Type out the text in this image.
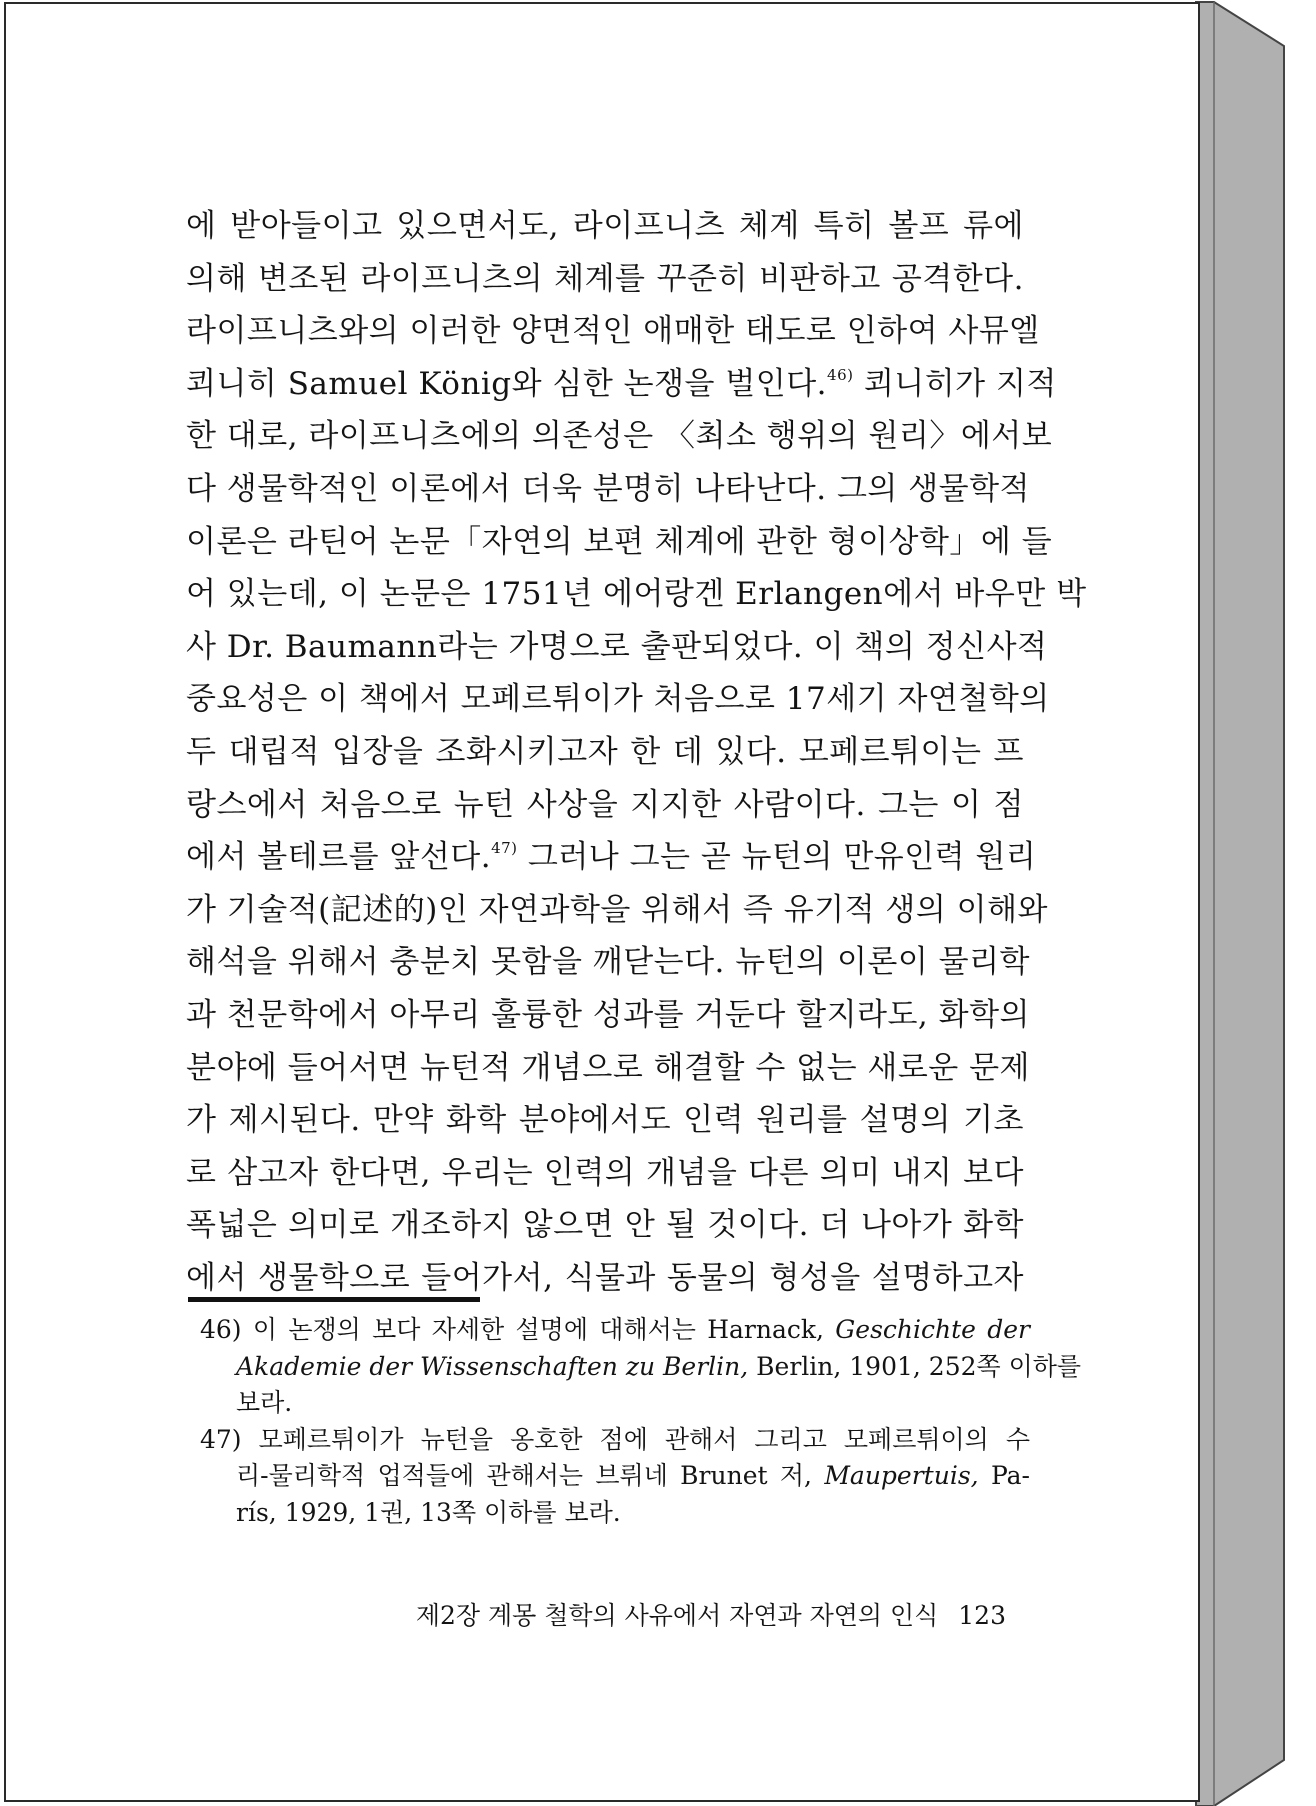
에 받아들이고 있으면서도, 라이프니츠 체계 특히 볼프 류에
의해 변조된 라이프니츠의 체계를 꾸준히 비판하고 공격한다.
라이프니츠와의 이러한 양면적인 애매한 태도로 인하여 사뮤엘
쾨니히 Samuel König와 심한 논쟁을 벌인다.$^{46)}$ 쾨니히가 지적
한 대로, 라이프니츠에의 의존성은 〈최소 행위의 원리〉에서보
다 생물학적인 이론에서 더욱 분명히 나타난다. 그의 생물학적
이론은 라틴어 논문「자연의 보편 체계에 관한 형이상학」에 들
어 있는데, 이 논문은 1751년 에어랑겐 Erlangen에서 바우만 박
사 Dr. Baumann라는 가명으로 출판되었다. 이 책의 정신사적
중요성은 이 책에서 모페르튀이가 처음으로 17세기 자연철학의
두 대립적 입장을 조화시키고자 한 데 있다. 모페르튀이는 프
랑스에서 처음으로 뉴턴 사상을 지지한 사람이다. 그는 이 점
에서 볼테르를 앞선다.$^{47)}$ 그러나 그는 곧 뉴턴의 만유인력 원리
가 기술적(記述的)인 자연과학을 위해서 즉 유기적 생의 이해와
해석을 위해서 충분치 못함을 깨닫는다. 뉴턴의 이론이 물리학
과 천문학에서 아무리 훌륭한 성과를 거둔다 할지라도, 화학의
분야에 들어서면 뉴턴적 개념으로 해결할 수 없는 새로운 문제
가 제시된다. 만약 화학 분야에서도 인력 원리를 설명의 기초
로 삼고자 한다면, 우리는 인력의 개념을 다른 의미 내지 보다
폭넓은 의미로 개조하지 않으면 안 될 것이다. 더 나아가 화학
에서 생물학으로 들어가서, 식물과 동물의 형성을 설명하고자
46) 이 논쟁의 보다 자세한 설명에 대해서는 Harnack, Geschichte der
Akademie der Wissenschaften zu Berlin, Berlin, 1901, 252쪽 이하를
보라.
47) 모페르튀이가 뉴턴을 옹호한 점에 관해서 그리고 모페르튀이의 수
리-물리학적 업적들에 관해서는 브뤼네 Brunet 저, Maupertuis, Pa-
rís, 1929, 1권, 13쪽 이하를 보라.
제2장 계몽 철학의 사유에서 자연과 자연의 인식 123
